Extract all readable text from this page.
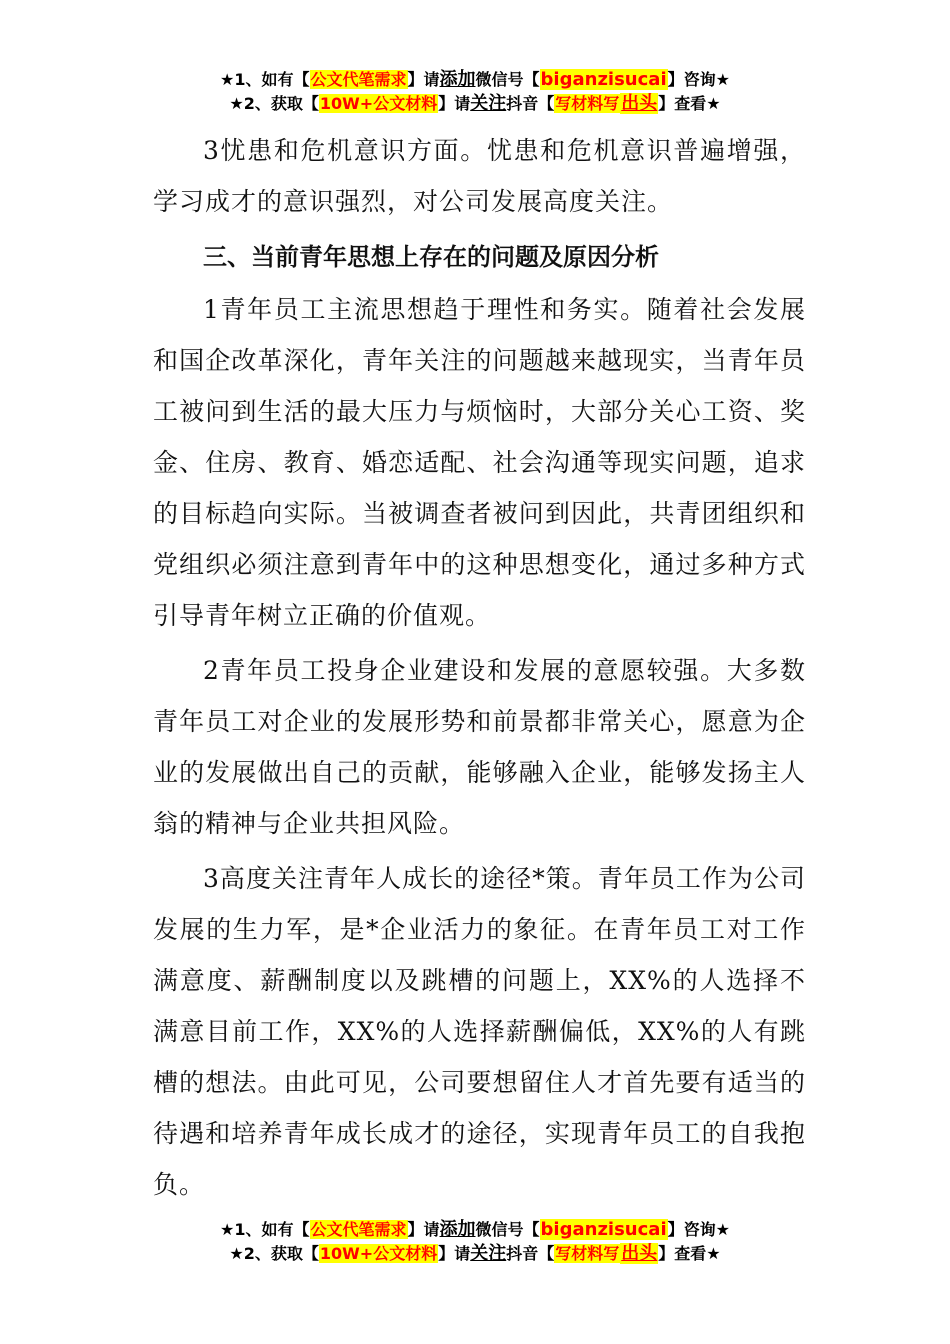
★1、如有【公文代笔需求】请添加微信号【biganzisucai】咨询★
★2、获取【10W+公文材料】请关注抖音【写材料写 出头】查看★

3忧患和危机意识方面。忧患和危机意识普遍增强，学习成才的意识强烈，对公司发展高度关注。

三、当前青年思想上存在的问题及原因分析

1青年员工主流思想趋于理性和务实。随着社会发展和国企改革深化，青年关注的问题越来越现实，当青年员工被问到生活的最大压力与烦恼时，大部分关心工资、奖金、住房、教育、婚恋适配、社会沟通等现实问题，追求的目标趋向实际。当被调查者被问到因此，共青团组织和党组织必须注意到青年中的这种思想变化，通过多种方式引导青年树立正确的价值观。

2青年员工投身企业建设和发展的意愿较强。大多数青年员工对企业的发展形势和前景都非常关心，愿意为企业的发展做出自己的贡献，能够融入企业，能够发扬主人翁的精神与企业共担风险。

3高度关注青年人成长的途径*策。青年员工作为公司发展的生力军，是*企业活力的象征。在青年员工对工作满意度、薪酬制度以及跳槽的问题上，XX%的人选择不满意目前工作，XX%的人选择薪酬偏低，XX%的人有跳槽的想法。由此可见，公司要想留住人才首先要有适当的待遇和培养青年成长成才的途径，实现青年员工的自我抱负。

★1、如有【公文代笔需求】请添加微信号【biganzisucai】咨询★
★2、获取【10W+公文材料】请关注抖音【写材料写 出头】查看★
